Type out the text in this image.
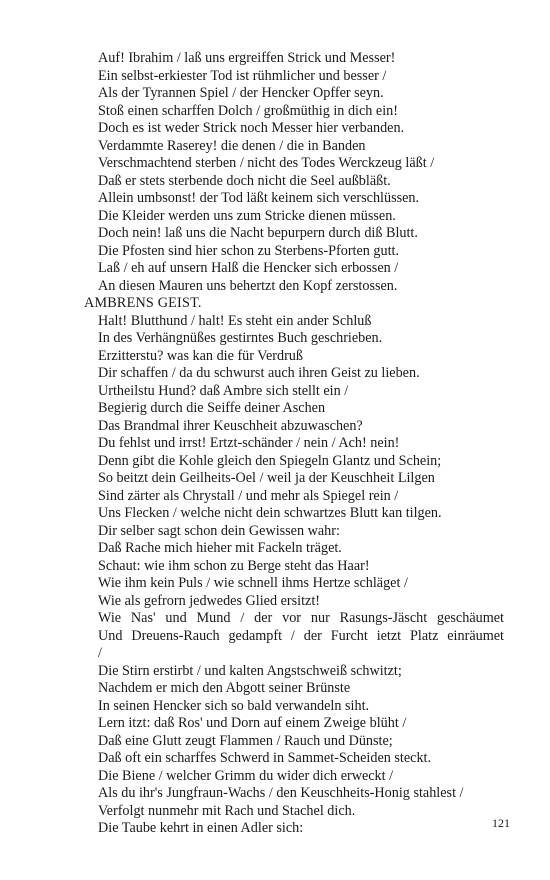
Auf! Ibrahim / laß uns ergreiffen Strick und Messer!
Ein selbst-erkiester Tod ist rühmlicher und besser /
Als der Tyrannen Spiel / der Hencker Opffer seyn.
Stoß einen scharffen Dolch / großmüthig in dich ein!
Doch es ist weder Strick noch Messer hier verbanden.
Verdammte Raserey! die denen / die in Banden
Verschmachtend sterben / nicht des Todes Werckzeug läßt /
Daß er stets sterbende doch nicht die Seel außbläßt.
Allein umbsonst! der Tod läßt keinem sich verschlüssen.
Die Kleider werden uns zum Stricke dienen müssen.
Doch nein! laß uns die Nacht bepurpern durch diß Blutt.
Die Pfosten sind hier schon zu Sterbens-Pforten gutt.
Laß / eh auf unsern Halß die Hencker sich erbossen /
An diesen Mauren uns behertzt den Kopf zerstossen.
AMBRENS GEIST.
Halt! Blutthund / halt! Es steht ein ander Schluß
In des Verhängnüßes gestirntes Buch geschrieben.
Erzitterstu? was kan die für Verdruß
Dir schaffen / da du schwurst auch ihren Geist zu lieben.
Urtheilstu Hund? daß Ambre sich stellt ein /
Begierig durch die Seiffe deiner Aschen
Das Brandmal ihrer Keuschheit abzuwaschen?
Du fehlst und irrst! Ertzt-schänder / nein / Ach! nein!
Denn gibt die Kohle gleich den Spiegeln Glantz und Schein;
So beitzt dein Geilheits-Oel / weil ja der Keuschheit Lilgen
Sind zärter als Chrystall / und mehr als Spiegel rein /
Uns Flecken / welche nicht dein schwartzes Blutt kan tilgen.
Dir selber sagt schon dein Gewissen wahr:
Daß Rache mich hieher mit Fackeln träget.
Schaut: wie ihm schon zu Berge steht das Haar!
Wie ihm kein Puls / wie schnell ihms Hertze schläget /
Wie als gefrorn jedwedes Glied ersitzt!
Wie Nas' und Mund / der vor nur Rasungs-Jäscht geschäumet
Und Dreuens-Rauch gedampft / der Furcht ietzt Platz einräumet
/
Die Stirn erstirbt / und kalten Angstschweiß schwitzt;
Nachdem er mich den Abgott seiner Brünste
In seinen Hencker sich so bald verwandeln siht.
Lern itzt: daß Ros' und Dorn auf einem Zweige blüht /
Daß eine Glutt zeugt Flammen / Rauch und Dünste;
Daß oft ein scharffes Schwerd in Sammet-Scheiden steckt.
Die Biene / welcher Grimm du wider dich erweckt /
Als du ihr's Jungfraun-Wachs / den Keuschheits-Honig stahlest /
Verfolgt nunmehr mit Rach und Stachel dich.
Die Taube kehrt in einen Adler sich:	121
